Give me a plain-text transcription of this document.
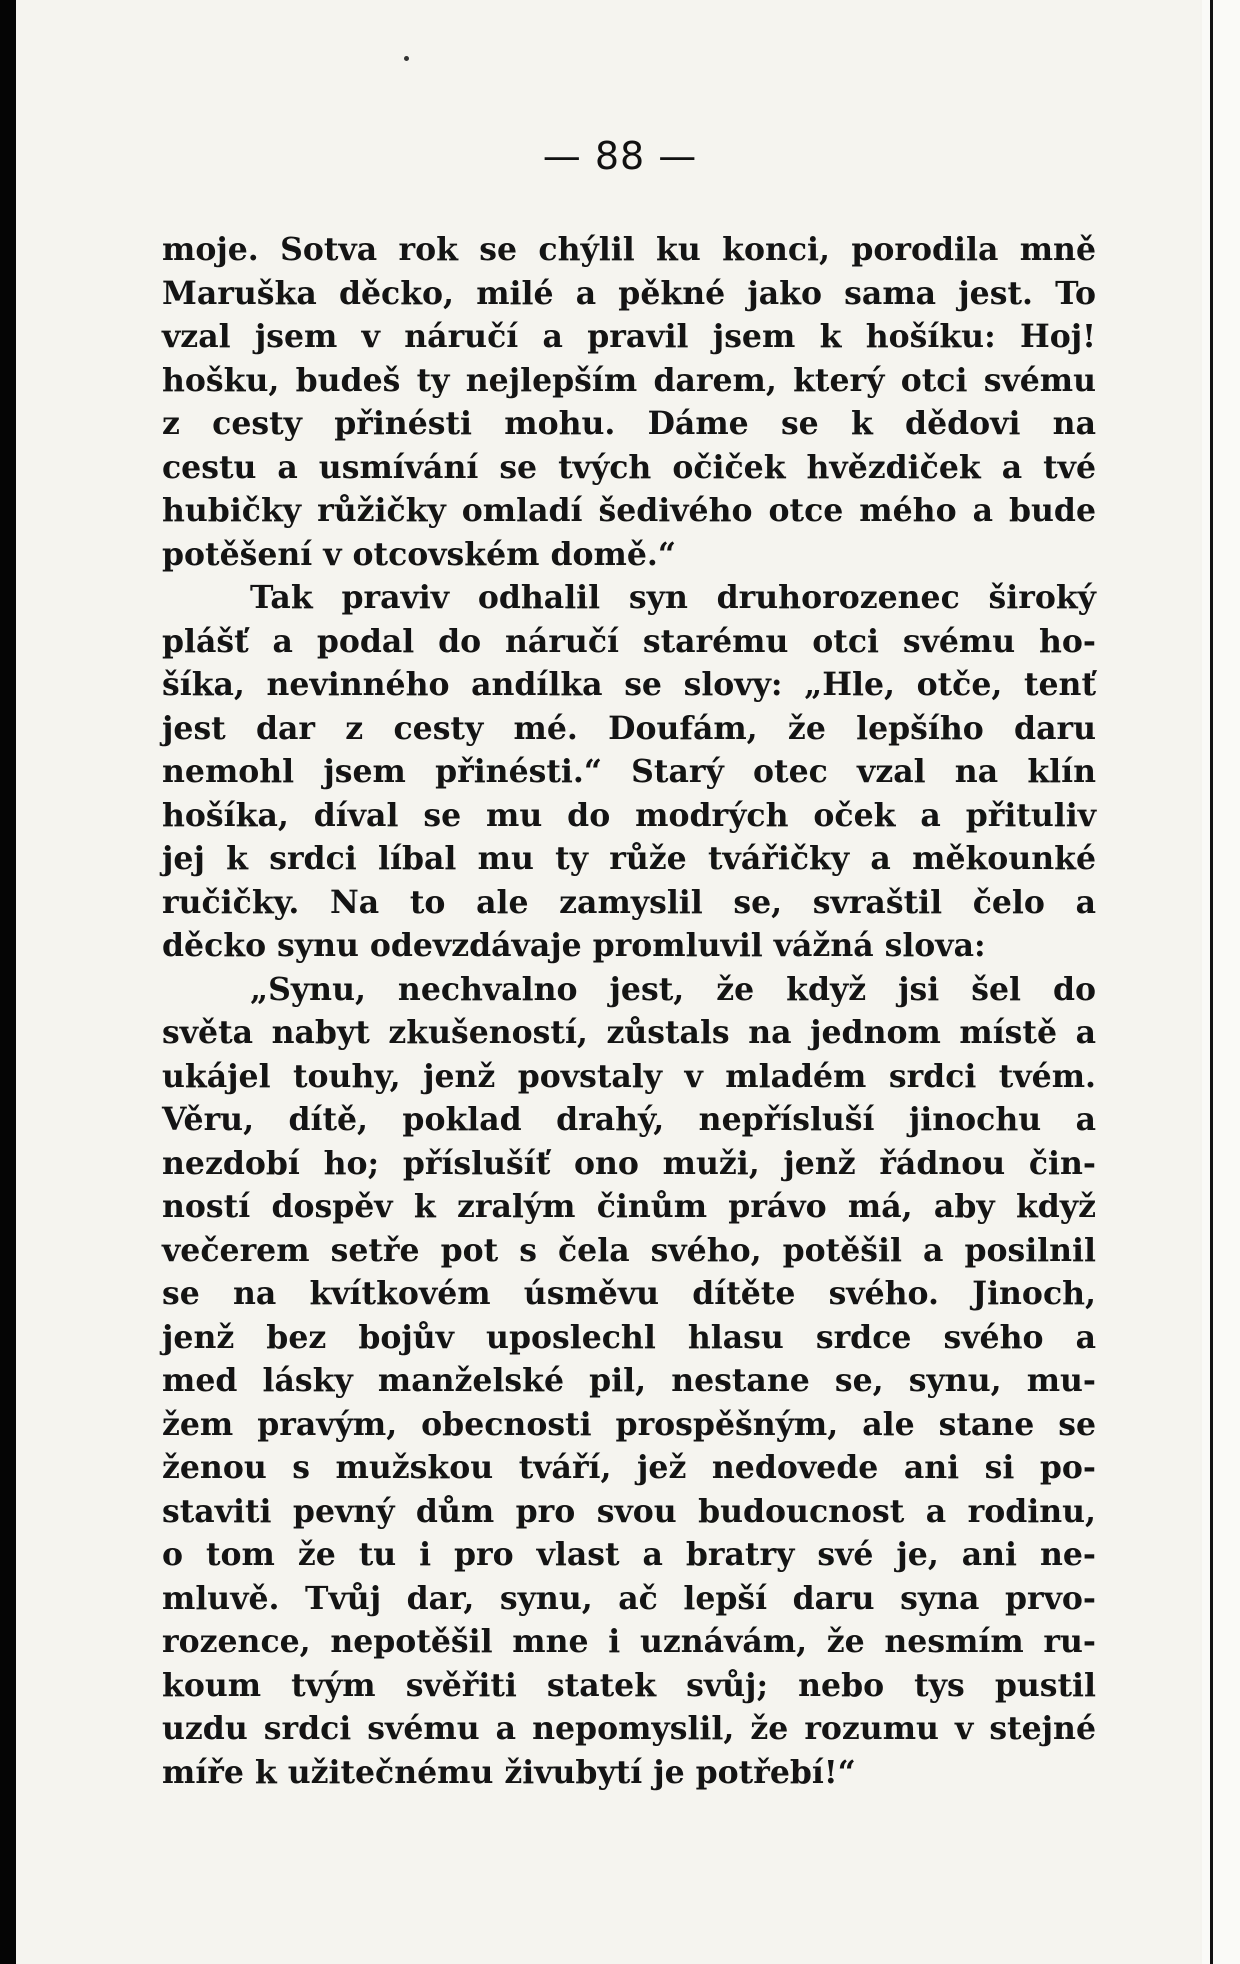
— 88 —
moje. Sotva rok se chýlil ku konci, porodila mně
Maruška děcko, milé a pěkné jako sama jest. To
vzal jsem v náručí a pravil jsem k hošíku: Hoj!
hošku, budeš ty nejlepším darem, který otci svému
z cesty přinésti mohu. Dáme se k dědovi na
cestu a usmívání se tvých očiček hvězdiček a tvé
hubičky růžičky omladí šedivého otce mého a bude
potěšení v otcovském domě.“
Tak praviv odhalil syn druhorozenec široký
plášť a podal do náručí starému otci svému ho-
šíka, nevinného andílka se slovy: „Hle, otče, tenť
jest dar z cesty mé. Doufám, že lepšího daru
nemohl jsem přinésti.“ Starý otec vzal na klín
hošíka, díval se mu do modrých oček a přituliv
jej k srdci líbal mu ty růže tvářičky a měkounké
ručičky. Na to ale zamyslil se, svraštil čelo a
děcko synu odevzdávaje promluvil vážná slova:
„Synu, nechvalno jest, že když jsi šel do
světa nabyt zkušeností, zůstals na jednom místě a
ukájel touhy, jenž povstaly v mladém srdci tvém.
Věru, dítě, poklad drahý, nepřísluší jinochu a
nezdobí ho; příslušíť ono muži, jenž řádnou čin-
ností dospěv k zralým činům právo má, aby když
večerem setře pot s čela svého, potěšil a posilnil
se na kvítkovém úsměvu dítěte svého. Jinoch,
jenž bez bojův uposlechl hlasu srdce svého a
med lásky manželské pil, nestane se, synu, mu-
žem pravým, obecnosti prospěšným, ale stane se
ženou s mužskou tváří, jež nedovede ani si po-
staviti pevný dům pro svou budoucnost a rodinu,
o tom že tu i pro vlast a bratry své je, ani ne-
mluvě. Tvůj dar, synu, ač lepší daru syna prvo-
rozence, nepotěšil mne i uznávám, že nesmím ru-
koum tvým svěřiti statek svůj; nebo tys pustil
uzdu srdci svému a nepomyslil, že rozumu v stejné
míře k užitečnému živubytí je potřebí!“
